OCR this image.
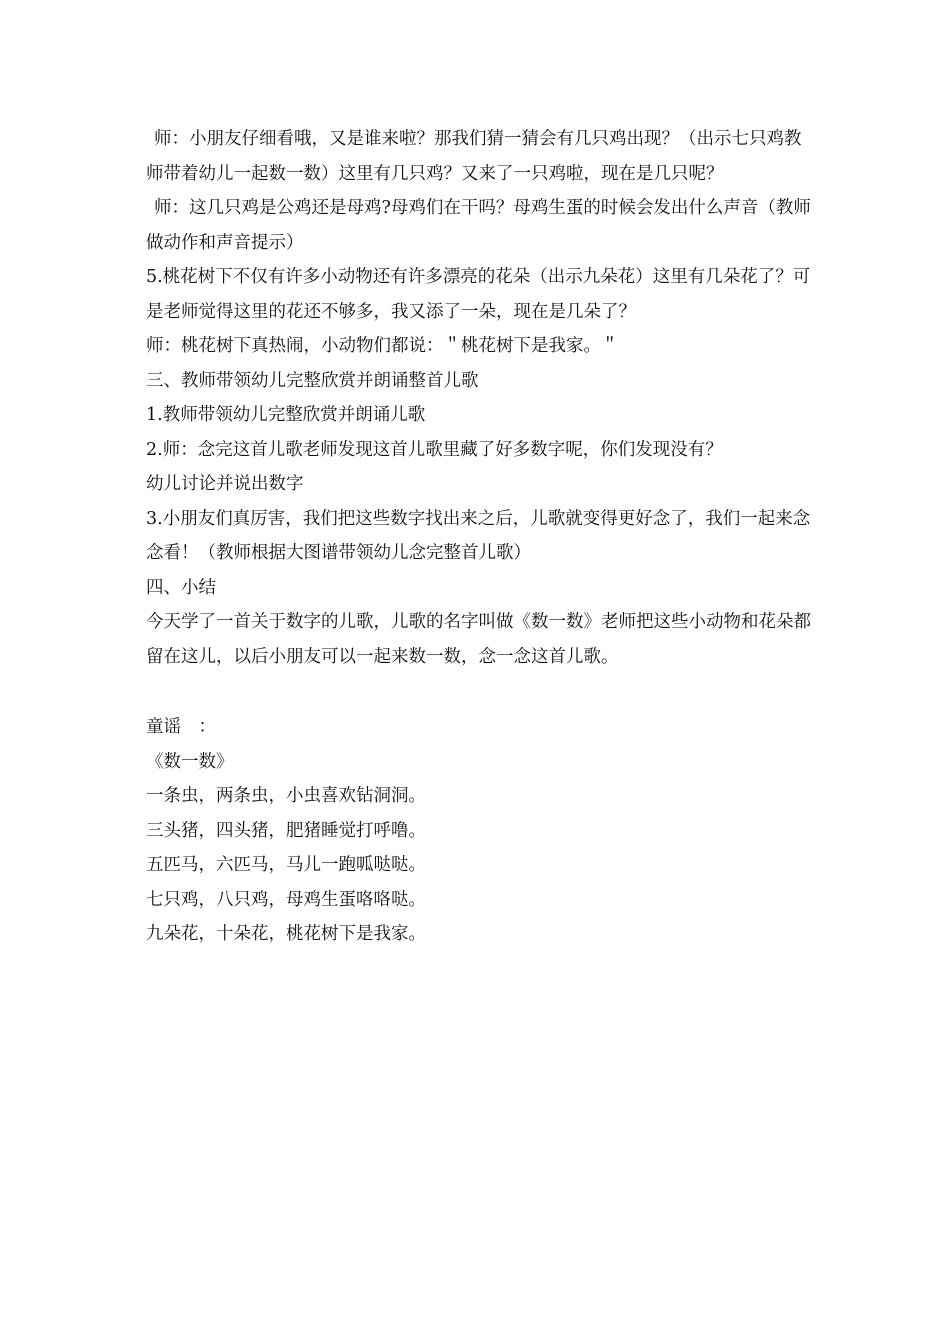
师：小朋友仔细看哦，又是谁来啦？那我们猜一猜会有几只鸡出现？（出示七只鸡教师带着幼儿一起数一数）这里有几只鸡？又来了一只鸡啦，现在是几只呢？

师：这几只鸡是公鸡还是母鸡?母鸡们在干吗？母鸡生蛋的时候会发出什么声音（教师做动作和声音提示）

5.桃花树下不仅有许多小动物还有许多漂亮的花朵（出示九朵花）这里有几朵花了？可是老师觉得这里的花还不够多，我又添了一朵，现在是几朵了？

师：桃花树下真热闹，小动物们都说：＂桃花树下是我家。＂

三、教师带领幼儿完整欣赏并朗诵整首儿歌

1.教师带领幼儿完整欣赏并朗诵儿歌

2.师：念完这首儿歌老师发现这首儿歌里藏了好多数字呢，你们发现没有？

幼儿讨论并说出数字

3.小朋友们真厉害，我们把这些数字找出来之后，儿歌就变得更好念了，我们一起来念念看！（教师根据大图谱带领幼儿念完整首儿歌）

四、小结

今天学了一首关于数字的儿歌，儿歌的名字叫做《数一数》老师把这些小动物和花朵都留在这儿，以后小朋友可以一起来数一数，念一念这首儿歌。

童谣　：

《数一数》

一条虫，两条虫，小虫喜欢钻洞洞。

三头猪，四头猪，肥猪睡觉打呼噜。

五匹马，六匹马，马儿一跑呱哒哒。

七只鸡，八只鸡，母鸡生蛋咯咯哒。

九朵花，十朵花，桃花树下是我家。
